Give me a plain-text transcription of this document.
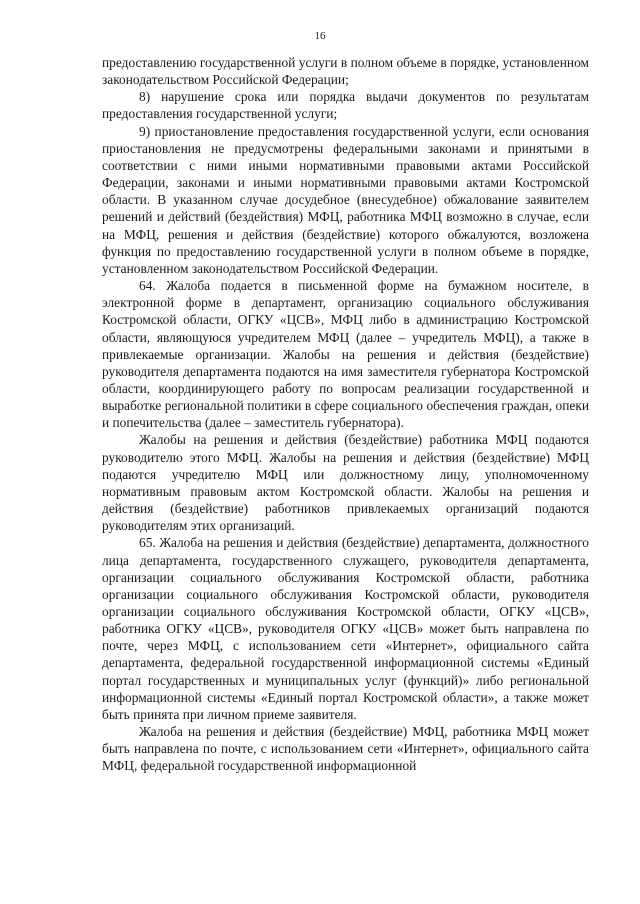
16

предоставлению государственной услуги в полном объеме в порядке, установленном законодательством Российской Федерации;

8) нарушение срока или порядка выдачи документов по результатам предоставления государственной услуги;

9) приостановление предоставления государственной услуги, если основания приостановления не предусмотрены федеральными законами и принятыми в соответствии с ними иными нормативными правовыми актами Российской Федерации, законами и иными нормативными правовыми актами Костромской области. В указанном случае досудебное (внесудебное) обжалование заявителем решений и действий (бездействия) МФЦ, работника МФЦ возможно в случае, если на МФЦ, решения и действия (бездействие) которого обжалуются, возложена функция по предоставлению государственной услуги в полном объеме в порядке, установленном законодательством Российской Федерации.

64. Жалоба подается в письменной форме на бумажном носителе, в электронной форме в департамент, организацию социального обслуживания Костромской области, ОГКУ «ЦСВ», МФЦ либо в администрацию Костромской области, являющуюся учредителем МФЦ (далее – учредитель МФЦ), а также в привлекаемые организации. Жалобы на решения и действия (бездействие) руководителя департамента подаются на имя заместителя губернатора Костромской области, координирующего работу по вопросам реализации государственной и выработке региональной политики в сфере социального обеспечения граждан, опеки и попечительства (далее – заместитель губернатора).

Жалобы на решения и действия (бездействие) работника МФЦ подаются руководителю этого МФЦ. Жалобы на решения и действия (бездействие) МФЦ подаются учредителю МФЦ или должностному лицу, уполномоченному нормативным правовым актом Костромской области. Жалобы на решения и действия (бездействие) работников привлекаемых организаций подаются руководителям этих организаций.

65. Жалоба на решения и действия (бездействие) департамента, должностного лица департамента, государственного служащего, руководителя департамента, организации социального обслуживания Костромской области, работника организации социального обслуживания Костромской области, руководителя организации социального обслуживания Костромской области, ОГКУ «ЦСВ», работника ОГКУ «ЦСВ», руководителя ОГКУ «ЦСВ» может быть направлена по почте, через МФЦ, с использованием сети «Интернет», официального сайта департамента, федеральной государственной информационной системы «Единый портал государственных и муниципальных услуг (функций)» либо региональной информационной системы «Единый портал Костромской области», а также может быть принята при личном приеме заявителя.

Жалоба на решения и действия (бездействие) МФЦ, работника МФЦ может быть направлена по почте, с использованием сети «Интернет», официального сайта МФЦ, федеральной государственной информационной
